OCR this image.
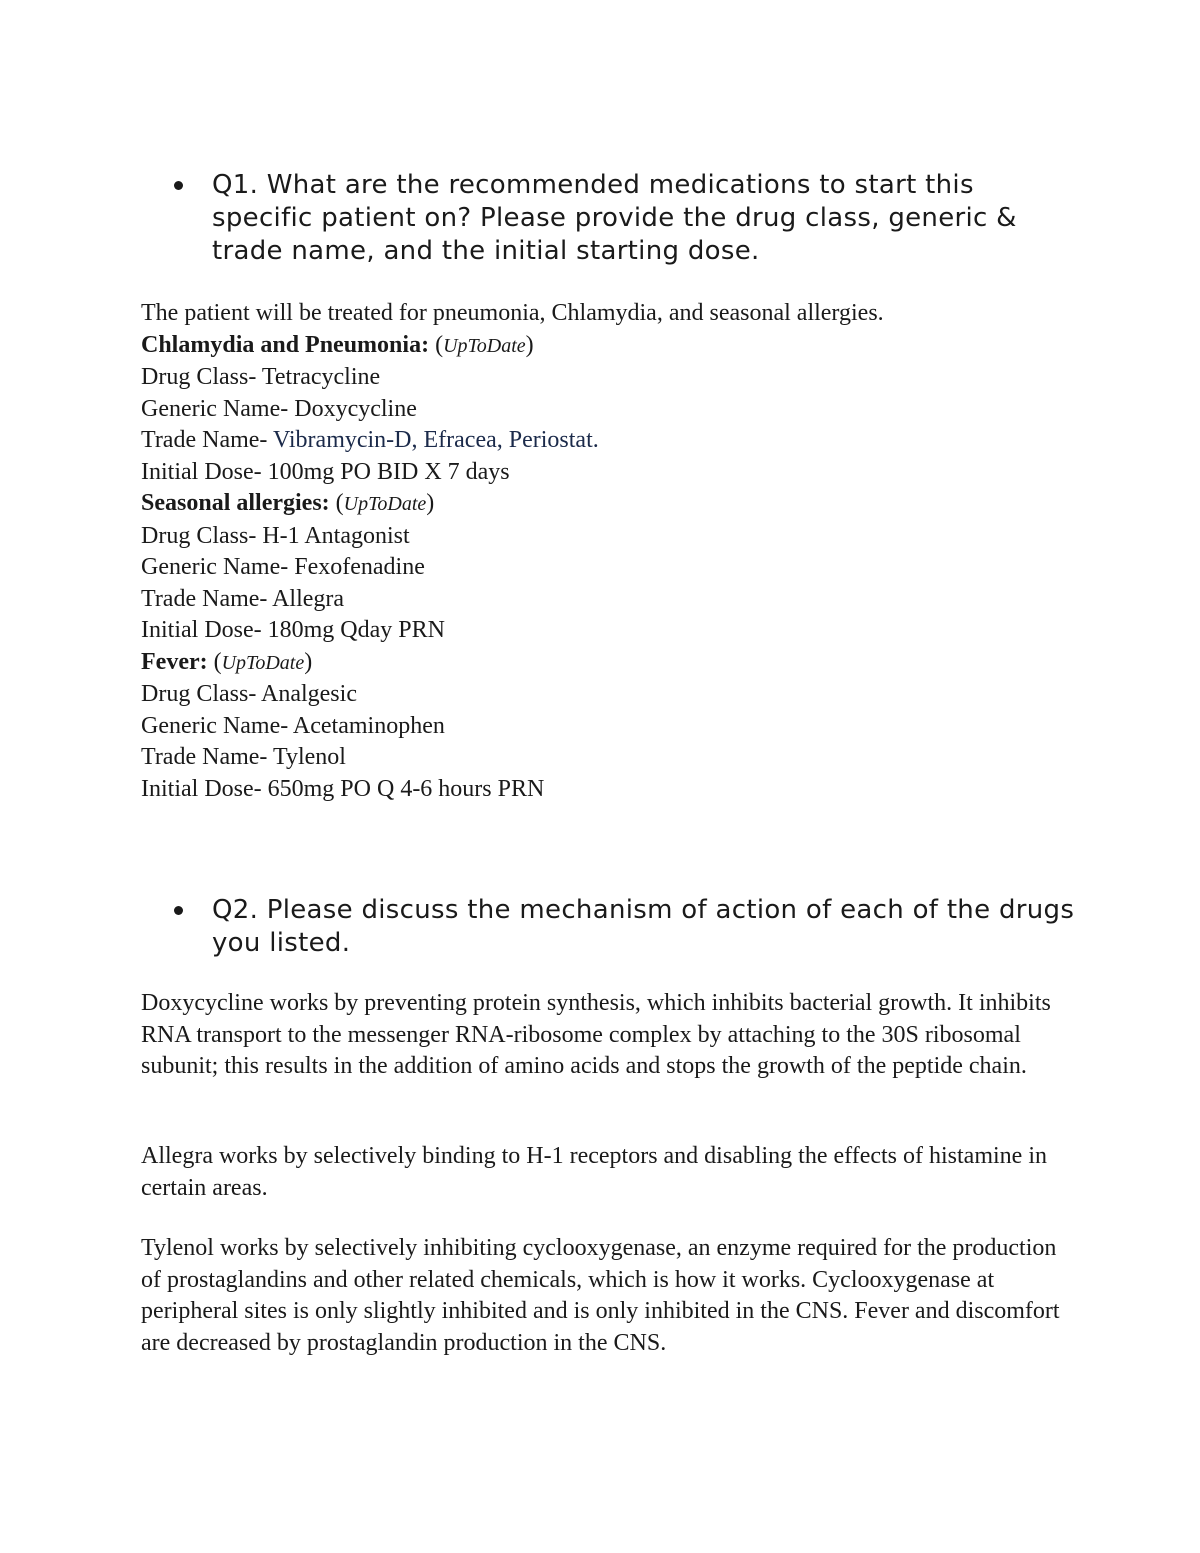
Q1. What are the recommended medications to start this specific patient on? Please provide the drug class, generic & trade name, and the initial starting dose.
The patient will be treated for pneumonia, Chlamydia, and seasonal allergies.
Chlamydia and Pneumonia: (UpToDate)
Drug Class- Tetracycline
Generic Name- Doxycycline
Trade Name- Vibramycin-D, Efracea, Periostat.
Initial Dose- 100mg PO BID X 7 days
Seasonal allergies: (UpToDate)
Drug Class- H-1 Antagonist
Generic Name- Fexofenadine
Trade Name- Allegra
Initial Dose- 180mg Qday PRN
Fever: (UpToDate)
Drug Class- Analgesic
Generic Name- Acetaminophen
Trade Name- Tylenol
Initial Dose- 650mg PO Q 4-6 hours PRN
Q2. Please discuss the mechanism of action of each of the drugs you listed.
Doxycycline works by preventing protein synthesis, which inhibits bacterial growth. It inhibits RNA transport to the messenger RNA-ribosome complex by attaching to the 30S ribosomal subunit; this results in the addition of amino acids and stops the growth of the peptide chain.
Allegra works by selectively binding to H-1 receptors and disabling the effects of histamine in certain areas.
Tylenol works by selectively inhibiting cyclooxygenase, an enzyme required for the production of prostaglandins and other related chemicals, which is how it works. Cyclooxygenase at peripheral sites is only slightly inhibited and is only inhibited in the CNS. Fever and discomfort are decreased by prostaglandin production in the CNS.
